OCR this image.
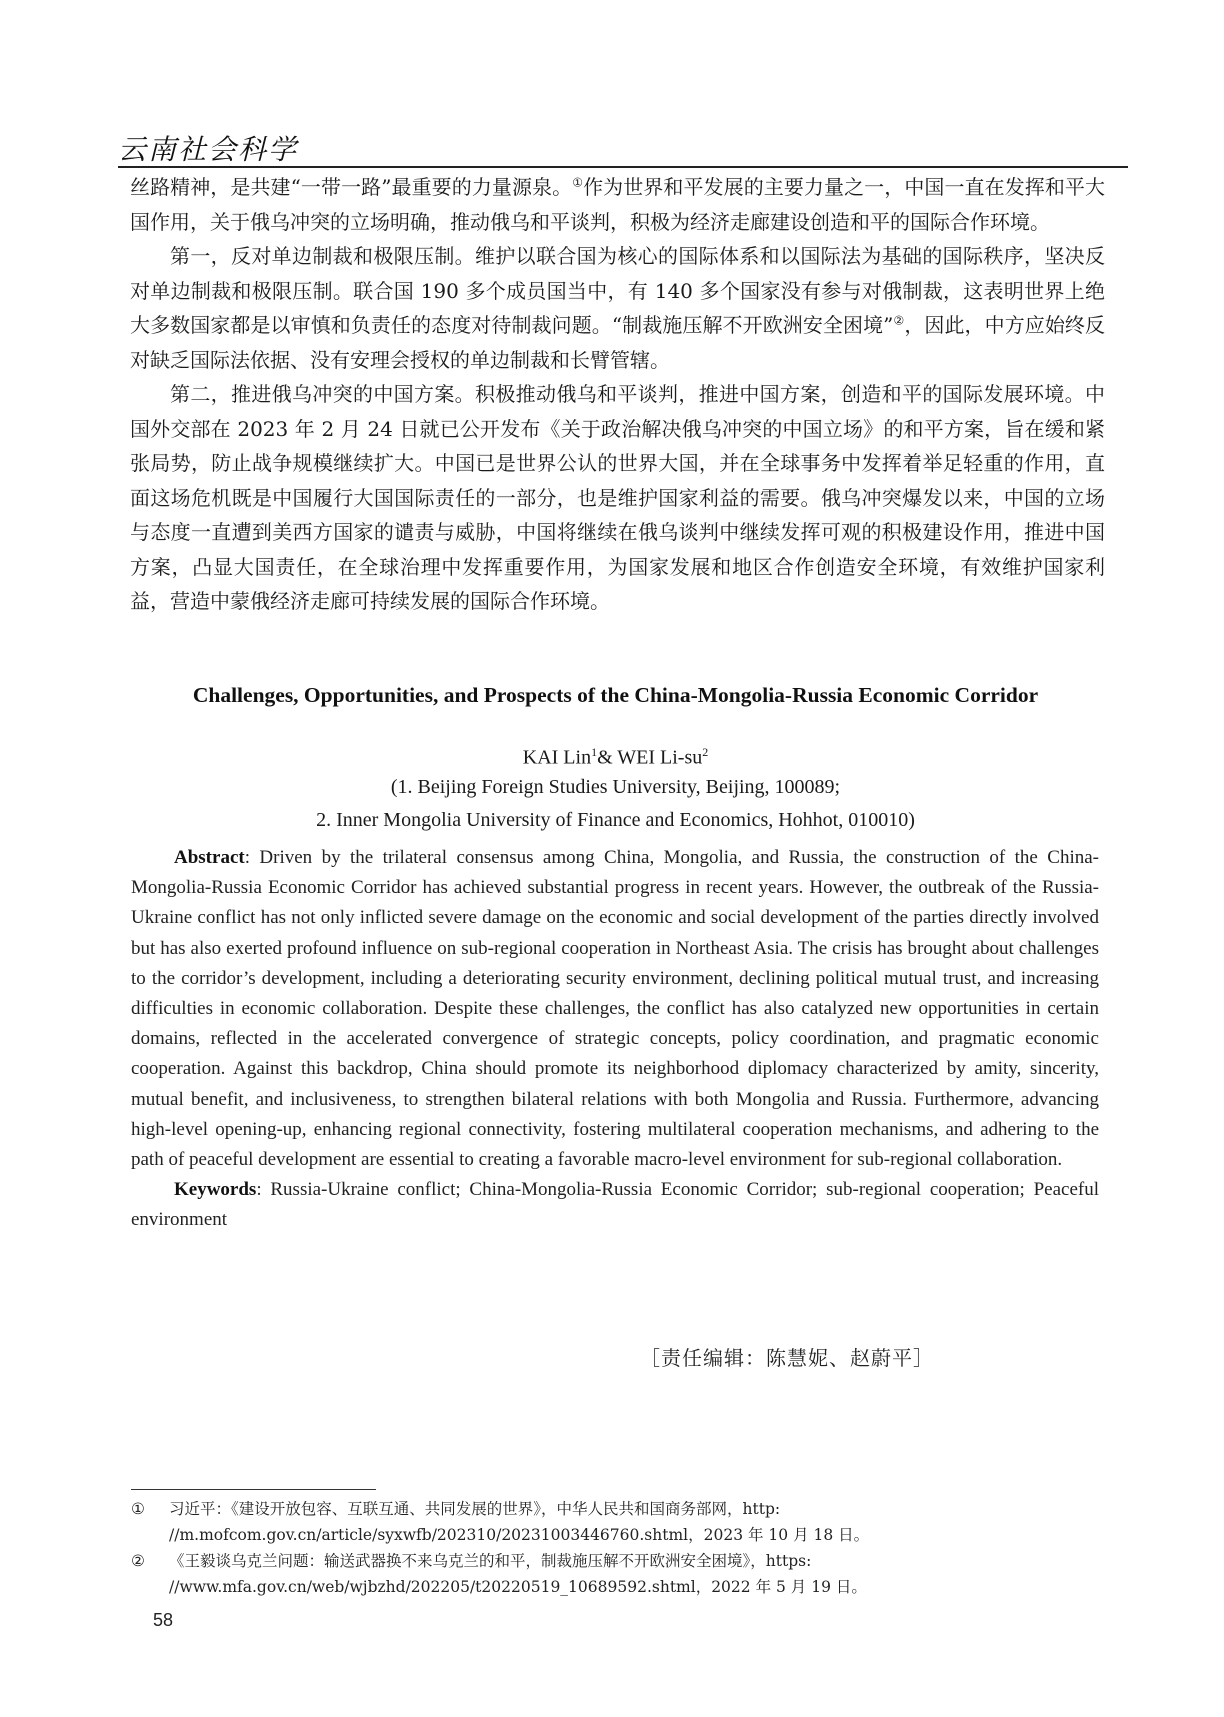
云南社会科学

丝路精神，是共建“一带一路”最重要的力量源泉。①作为世界和平发展的主要力量之一，中国一直在发挥和平大国作用，关于俄乌冲突的立场明确，推动俄乌和平谈判，积极为经济走廊建设创造和平的国际合作环境。

第一，反对单边制裁和极限压制。维护以联合国为核心的国际体系和以国际法为基础的国际秩序，坚决反对单边制裁和极限压制。联合国 190 多个成员国当中，有 140 多个国家没有参与对俄制裁，这表明世界上绝大多数国家都是以审慎和负责任的态度对待制裁问题。“制裁施压解不开欧洲安全困境”②，因此，中方应始终反对缺乏国际法依据、没有安理会授权的单边制裁和长臂管辖。

第二，推进俄乌冲突的中国方案。积极推动俄乌和平谈判，推进中国方案，创造和平的国际发展环境。中国外交部在 2023 年 2 月 24 日就已公开发布《关于政治解决俄乌冲突的中国立场》的和平方案，旨在缓和紧张局势，防止战争规模继续扩大。中国已是世界公认的世界大国，并在全球事务中发挥着举足轻重的作用，直面这场危机既是中国履行大国国际责任的一部分，也是维护国家利益的需要。俄乌冲突爆发以来，中国的立场与态度一直遭到美西方国家的谴责与威胁，中国将继续在俄乌谈判中继续发挥可观的积极建设作用，推进中国方案，凸显大国责任，在全球治理中发挥重要作用，为国家发展和地区合作创造安全环境，有效维护国家利益，营造中蒙俄经济走廊可持续发展的国际合作环境。

Challenges, Opportunities, and Prospects of the China-Mongolia-Russia Economic Corridor
KAI Lin$^1$& WEI $Li-su^2$
(1. Beijing Foreign Studies University, Beijing, 100089;
2. Inner Mongolia University of Finance and Economics, Hohhot, 010010)

Abstract: Driven by the trilateral consensus among China, Mongolia, and Russia, the construction of the China-Mongolia-Russia Economic Corridor has achieved substantial progress in recent years. However, the outbreak of the Russia-Ukraine conflict has not only inflicted severe damage on the economic and social development of the parties directly involved but has also exerted profound influence on sub-regional cooperation in Northeast Asia. The crisis has brought about challenges to the corridor’s development, including a deteriorating security environment, declining political mutual trust, and increasing difficulties in economic collaboration. Despite these challenges, the conflict has also catalyzed new opportunities in certain domains, reflected in the accelerated convergence of strategic concepts, policy coordination, and pragmatic economic cooperation. Against this backdrop, China should promote its neighborhood diplomacy characterized by amity, sincerity, mutual benefit, and inclusiveness, to strengthen bilateral relations with both Mongolia and Russia. Furthermore, advancing high-level opening-up, enhancing regional connectivity, fostering multilateral cooperation mechanisms, and adhering to the path of peaceful development are essential to creating a favorable macro-level environment for sub-regional collaboration.

Keywords: Russia-Ukraine conflict; China-Mongolia-Russia Economic Corridor; sub-regional cooperation; Peaceful environment

［责任编辑：陈慧妮、赵蔚平］
① 习近平：《建设开放包容、互联互通、共同发展的世界》，中华人民共和国商务部网，http: //m.mofcom.gov.cn/article/syxwfb/202310/20231003446760.shtml，2023 年 10 月 18 日。
② 《王毅谈乌克兰问题：输送武器换不来乌克兰的和平，制裁施压解不开欧洲安全困境》，https: //www.mfa.gov.cn/web/wjbzhd/202205/t20220519_10689592.shtml，2022 年 5 月 19 日。
58
